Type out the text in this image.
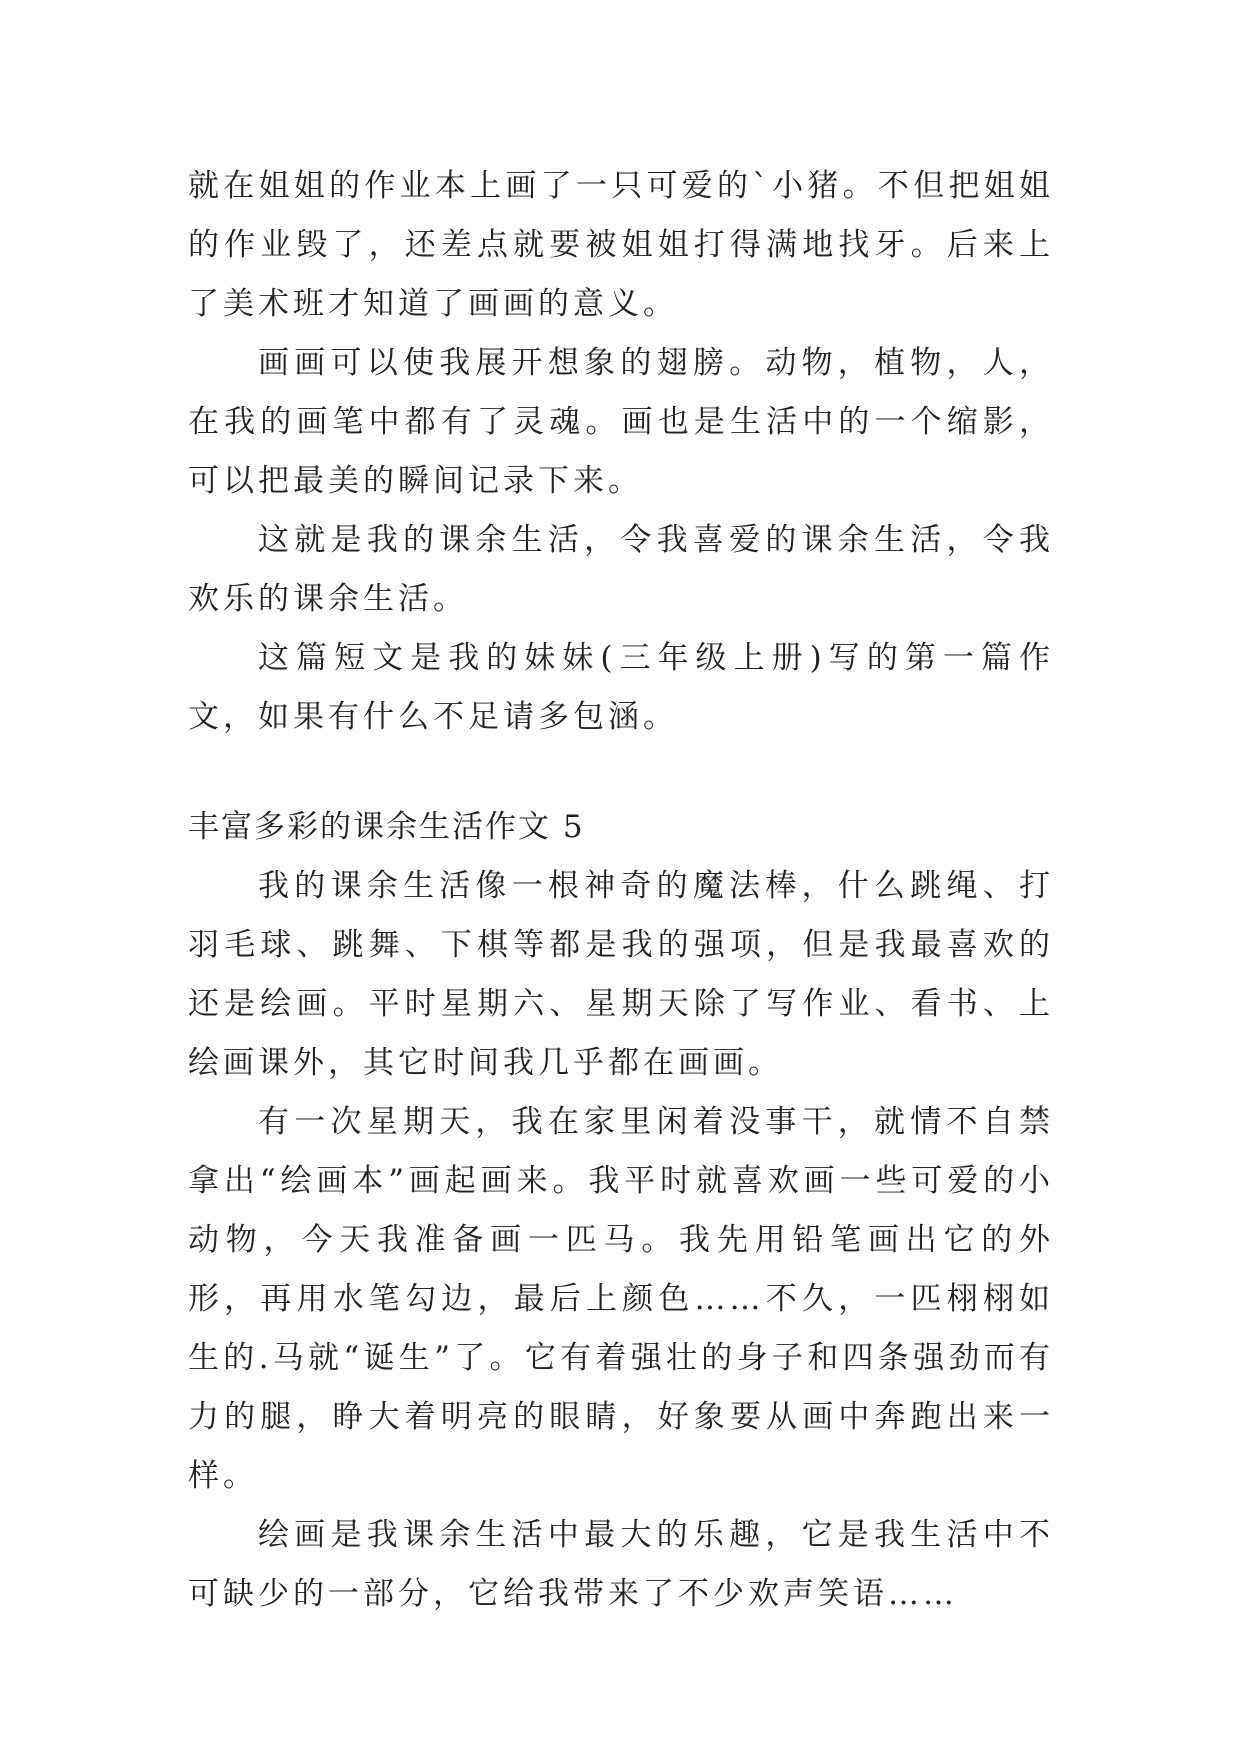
就在姐姐的作业本上画了一只可爱的`小猪。不但把姐姐的作业毁了，还差点就要被姐姐打得满地找牙。后来上了美术班才知道了画画的意义。

画画可以使我展开想象的翅膀。动物，植物，人，在我的画笔中都有了灵魂。画也是生活中的一个缩影，可以把最美的瞬间记录下来。

这就是我的课余生活，令我喜爱的课余生活，令我欢乐的课余生活。

这篇短文是我的妹妹(三年级上册)写的第一篇作文，如果有什么不足请多包涵。

丰富多彩的课余生活作文 5

我的课余生活像一根神奇的魔法棒，什么跳绳、打羽毛球、跳舞、下棋等都是我的强项，但是我最喜欢的还是绘画。平时星期六、星期天除了写作业、看书、上绘画课外，其它时间我几乎都在画画。

有一次星期天，我在家里闲着没事干，就情不自禁拿出“绘画本”画起画来。我平时就喜欢画一些可爱的小动物，今天我准备画一匹马。我先用铅笔画出它的外形，再用水笔勾边，最后上颜色……不久，一匹栩栩如生的.马就“诞生”了。它有着强壮的身子和四条强劲而有力的腿，睁大着明亮的眼睛，好象要从画中奔跑出来一样。

绘画是我课余生活中最大的乐趣，它是我生活中不可缺少的一部分，它给我带来了不少欢声笑语……
